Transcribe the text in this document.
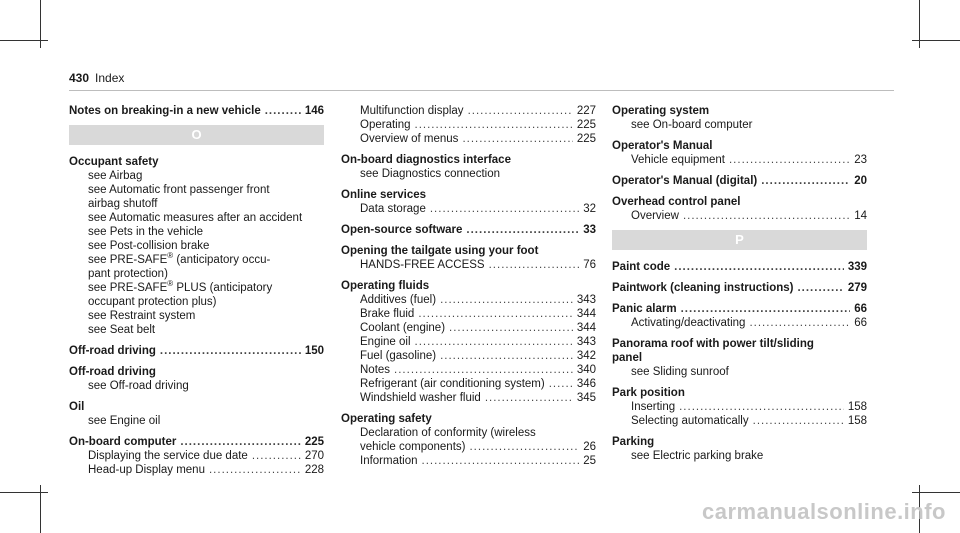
430 Index
Notes on breaking-in a new vehicle .....	146
O
Occupant safety
see Airbag
see Automatic front passenger front
airbag shutoff
see Automatic measures after an accident
see Pets in the vehicle
see Post-collision brake
see PRE-SAFE® (anticipatory occu-
pant protection)
see PRE-SAFE® PLUS (anticipatory
occupant protection plus)
see Restraint system
see Seat belt
Off-road driving .....	150
Off-road driving
see Off-road driving
Oil
see Engine oil
On-board computer .....	225
Displaying the service due date .....	270
Head-up Display menu .....	228
Multifunction display .....	227
Operating .....	225
Overview of menus .....	225
On-board diagnostics interface
see Diagnostics connection
Online services
Data storage .....	32
Open-source software .....	33
Opening the tailgate using your foot
HANDS-FREE ACCESS .....	76
Operating fluids
Additives (fuel) .....	343
Brake fluid .....	344
Coolant (engine) .....	344
Engine oil .....	343
Fuel (gasoline) .....	342
Notes .....	340
Refrigerant (air conditioning system) .....	346
Windshield washer fluid .....	345
Operating safety
Declaration of conformity (wireless
vehicle components) .....	26
Information .....	25
Operating system
see On-board computer
Operator's Manual
Vehicle equipment .....	23
Operator's Manual (digital) .....	20
Overhead control panel
Overview .....	14
P
Paint code .....	339
Paintwork (cleaning instructions) .....	279
Panic alarm .....	66
Activating/deactivating .....	66
Panorama roof with power tilt/sliding
panel
see Sliding sunroof
Park position
Inserting .....	158
Selecting automatically .....	158
Parking
see Electric parking brake
carmanualsonline.info
